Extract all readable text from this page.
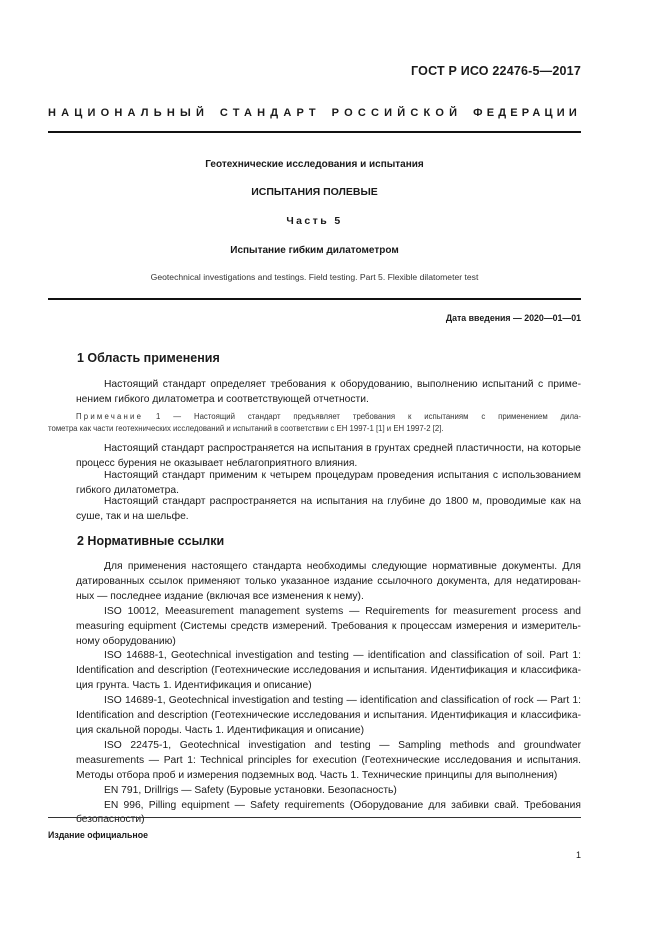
ГОСТ Р ИСО 22476-5—2017
НАЦИОНАЛЬНЫЙ СТАНДАРТ РОССИЙСКОЙ ФЕДЕРАЦИИ
Геотехнические исследования и испытания
ИСПЫТАНИЯ ПОЛЕВЫЕ
Часть 5
Испытание гибким дилатометром
Geotechnical investigations and testings. Field testing. Part 5. Flexible dilatometer test
Дата введения — 2020—01—01
1 Область применения
Настоящий стандарт определяет требования к оборудованию, выполнению испытаний с приме-
нением гибкого дилатометра и соответствующей отчетности.
Примечание 1 — Настоящий стандарт предъявляет требования к испытаниям с применением дила-
тометра как части геотехнических исследований и испытаний в соответствии с ЕН 1997-1 [1] и ЕН 1997-2 [2].
Настоящий стандарт распространяется на испытания в грунтах средней пластичности, на которые
процесс бурения не оказывает неблагоприятного влияния.
Настоящий стандарт применим к четырем процедурам проведения испытания с использованием
гибкого дилатометра.
Настоящий стандарт распространяется на испытания на глубине до 1800 м, проводимые как на
суше, так и на шельфе.
2 Нормативные ссылки
Для применения настоящего стандарта необходимы следующие нормативные документы. Для
датированных ссылок применяют только указанное издание ссылочного документа, для недатирован-
ных — последнее издание (включая все изменения к нему).
ISO 10012, Meeasurement management systems — Requirements for measurement process and
measuring equipment (Системы средств измерений. Требования к процессам измерения и измеритель-
ному оборудованию)
ISO 14688-1, Geotechnical investigation and testing — identification and classification of soil. Part 1:
Identification and description (Геотехнические исследования и испытания. Идентификация и классифика-
ция грунта. Часть 1. Идентификация и описание)
ISO 14689-1, Geotechnical investigation and testing — identification and classification of rock — Part 1:
Identification and description (Геотехнические исследования и испытания. Идентификация и классифика-
ция скальной породы. Часть 1. Идентификация и описание)
ISO 22475-1, Geotechnical investigation and testing — Sampling methods and groundwater
measurements — Part 1: Technical principles for execution (Геотехнические исследования и испытания.
Методы отбора проб и измерения подземных вод. Часть 1. Технические принципы для выполнения)
EN 791, Drillrigs — Safety (Буровые установки. Безопасность)
EN 996, Pilling equipment — Safety requirements (Оборудование для забивки свай. Требования
безопасности)
Издание официальное
1
